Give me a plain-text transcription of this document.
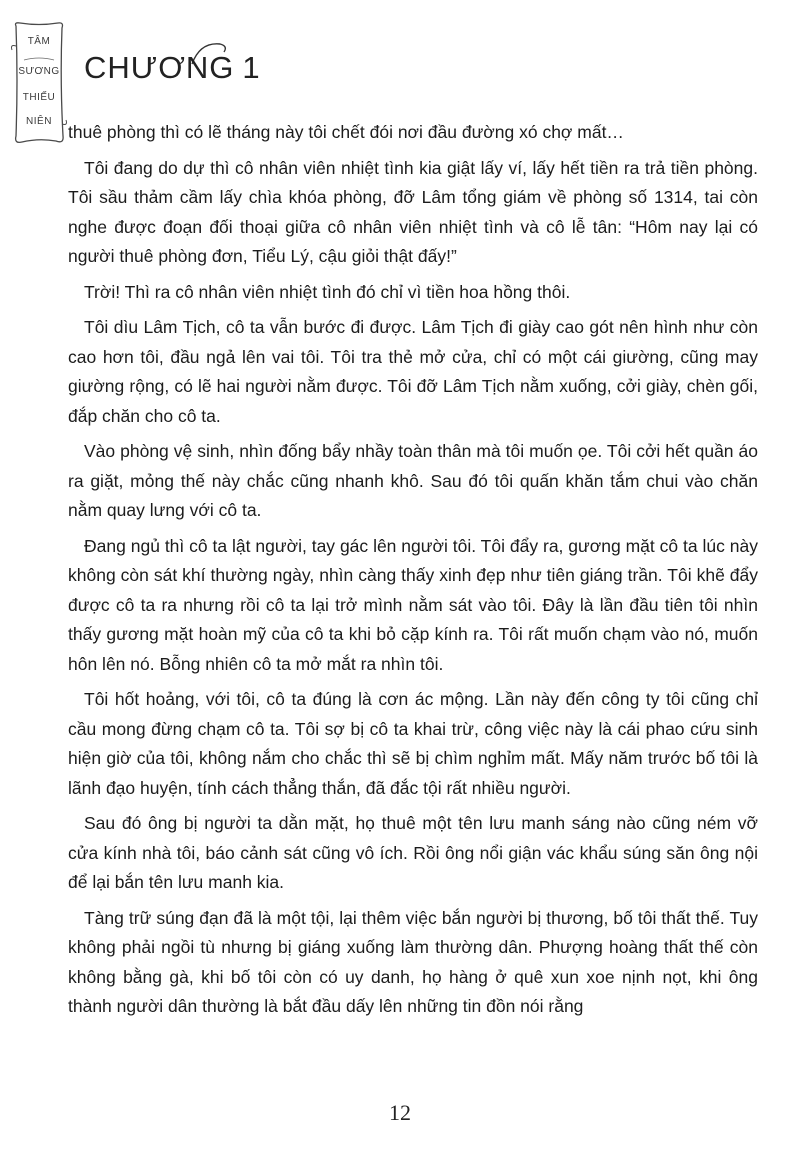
TÂM
SƯƠNG
THIẾU
NIÊN
CHƯƠNG 1

thuê phòng thì có lẽ tháng này tôi chết đói nơi đầu đường xó chợ mất…

Tôi đang do dự thì cô nhân viên nhiệt tình kia giật lấy ví, lấy hết tiền ra trả tiền phòng. Tôi sầu thảm cầm lấy chìa khóa phòng, đỡ Lâm tổng giám về phòng số 1314, tai còn nghe được đoạn đối thoại giữa cô nhân viên nhiệt tình và cô lễ tân: “Hôm nay lại có người thuê phòng đơn, Tiểu Lý, cậu giỏi thật đấy!”

Trời! Thì ra cô nhân viên nhiệt tình đó chỉ vì tiền hoa hồng thôi.

Tôi dìu Lâm Tịch, cô ta vẫn bước đi được. Lâm Tịch đi giày cao gót nên hình như còn cao hơn tôi, đầu ngả lên vai tôi. Tôi tra thẻ mở cửa, chỉ có một cái giường, cũng may giường rộng, có lẽ hai người nằm được. Tôi đỡ Lâm Tịch nằm xuống, cởi giày, chèn gối, đắp chăn cho cô ta.

Vào phòng vệ sinh, nhìn đống bẩy nhầy toàn thân mà tôi muốn ọe. Tôi cởi hết quần áo ra giặt, mỏng thế này chắc cũng nhanh khô. Sau đó tôi quấn khăn tắm chui vào chăn nằm quay lưng với cô ta.

Đang ngủ thì cô ta lật người, tay gác lên người tôi. Tôi đẩy ra, gương mặt cô ta lúc này không còn sát khí thường ngày, nhìn càng thấy xinh đẹp như tiên giáng trần. Tôi khẽ đẩy được cô ta ra nhưng rồi cô ta lại trở mình nằm sát vào tôi. Đây là lần đầu tiên tôi nhìn thấy gương mặt hoàn mỹ của cô ta khi bỏ cặp kính ra. Tôi rất muốn chạm vào nó, muốn hôn lên nó. Bỗng nhiên cô ta mở mắt ra nhìn tôi.

Tôi hốt hoảng, với tôi, cô ta đúng là cơn ác mộng. Lần này đến công ty tôi cũng chỉ cầu mong đừng chạm cô ta. Tôi sợ bị cô ta khai trừ, công việc này là cái phao cứu sinh hiện giờ của tôi, không nắm cho chắc thì sẽ bị chìm nghỉm mất. Mấy năm trước bố tôi là lãnh đạo huyện, tính cách thẳng thắn, đã đắc tội rất nhiều người.

Sau đó ông bị người ta dằn mặt, họ thuê một tên lưu manh sáng nào cũng ném vỡ cửa kính nhà tôi, báo cảnh sát cũng vô ích. Rồi ông nổi giận vác khẩu súng săn ông nội để lại bắn tên lưu manh kia.

Tàng trữ súng đạn đã là một tội, lại thêm việc bắn người bị thương, bố tôi thất thế. Tuy không phải ngồi tù nhưng bị giáng xuống làm thường dân. Phượng hoàng thất thế còn không bằng gà, khi bố tôi còn có uy danh, họ hàng ở quê xun xoe nịnh nọt, khi ông thành người dân thường là bắt đầu dấy lên những tin đồn nói rằng

12
